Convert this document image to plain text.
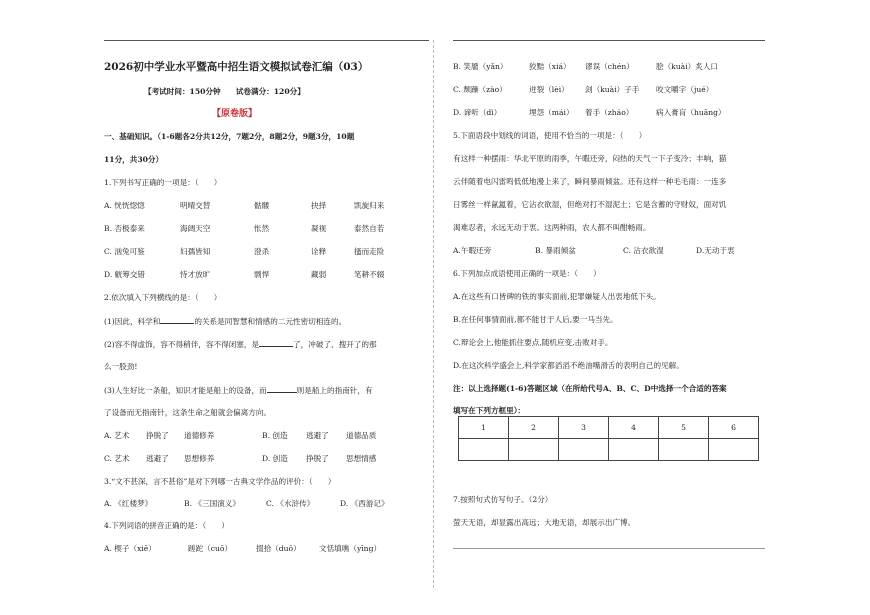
2026初中学业水平暨高中招生语文模拟试卷汇编（03）
【考试时间：150分钟　　试卷满分：120分】
【原卷版】
一、基础知识。（1-6题各2分共12分，7题2分，8题2分，9题3分，10题
11分，共30分）
1.下列书写正确的一项是：（　　）
A. 恍恍惚惚	明晴交替	骷髅	抉择	凯旋归来
B. 否极泰来	海阔天空	怅然	凝视	泰然自若
C. 汹兔可鉴	妇孺皆知	澄杀	诠释	搔而走险
D. 觥筹交错	恃才放旷	剽悍	藏弱	笔耕不辍
2.依次填入下列横线的是：（　　）
(1)因此，科学和	的关系是同智慧和情感的二元性密切相连的。
(2)容不得虚饰，容不得稍伴，容不得闭塞，是	了，冲破了、搜开了的那
么一股劲!
(3)人生好比一条船，知识才能是船上的设备，而	则是船上的指南针，有
了设备而无指南针，这条生命之船就会偏离方向。
A. 艺术 挣脱了 道德修养	B. 创造 逃避了 道德品质
C. 艺术 逃避了 思想修养	D. 创造 挣脱了 思想情感
3.“文不甚深，言不甚俗”是对下列哪一古典文学作品的评价：（　　）
A. 《红楼梦》	B. 《三国演义》	C. 《水浒传》	D. 《西游记》
4.下列词语的拼音正确的是：（　　）
A. 楔子（xiē）	蹉跎（cuō）	掇拾（duō） 文恬填噍（yīng）
B. 笑靥（yǎn）	狡黠（xiá） 谬误（chén）	脍（kuài）炙人口
C. 颓躁（zào）	迸裂（lèi） 刽（kuài）子手 咬文嚼字（jué）
D. 谛听（dì）	埋怨（mái） 着手（zháo）	病入膏肓（huāng）
5.下面语段中划线的词语，使用不恰当的一项是：（　　）
有这样一种摆雨：华北平原的雨季，午暇还旁，闷热的天气一下子变冷；丰响，猫
云伴随着电闪雷鸣低低地漫上来了，瞬间暴雨倾盆。还有这样一种毛毛雨：一连多
日雾丝一样氤氲着，它沾衣欲湿，但绝对打不湿泥土；它是含蓄的守财奴，面对饥
渴难忍者，永远无动于衷。这两种雨，农人都不叫酣畅雨。
A.午暇还旁	B. 暴雨倾盆	C. 沾衣欲湿	D.无动于衷
6.下列加点成语使用正确的一项是：（　　）
A.在这些有口皆碑的铁的事实面前,犯罪嫌疑人出衷地低下头。
B.在任何事情面前,都不能甘于人后,要一马当先。
C.辩论会上,他能抓住要点,随机应变,击败对手。
D.在这次科学盛会上,科学家都滔滔不绝油嘴滑舌的表明自己的见解。
注：以上选择题(1-6)答题区域（在所给代号A、B、C、D中选择一个合适的答案
填写在下列方框里）：
1	2	3	4	5	6

7.按照句式仿写句子。（2分）
萤天无语，却显露出高远；大地无语，却展示出广博。
